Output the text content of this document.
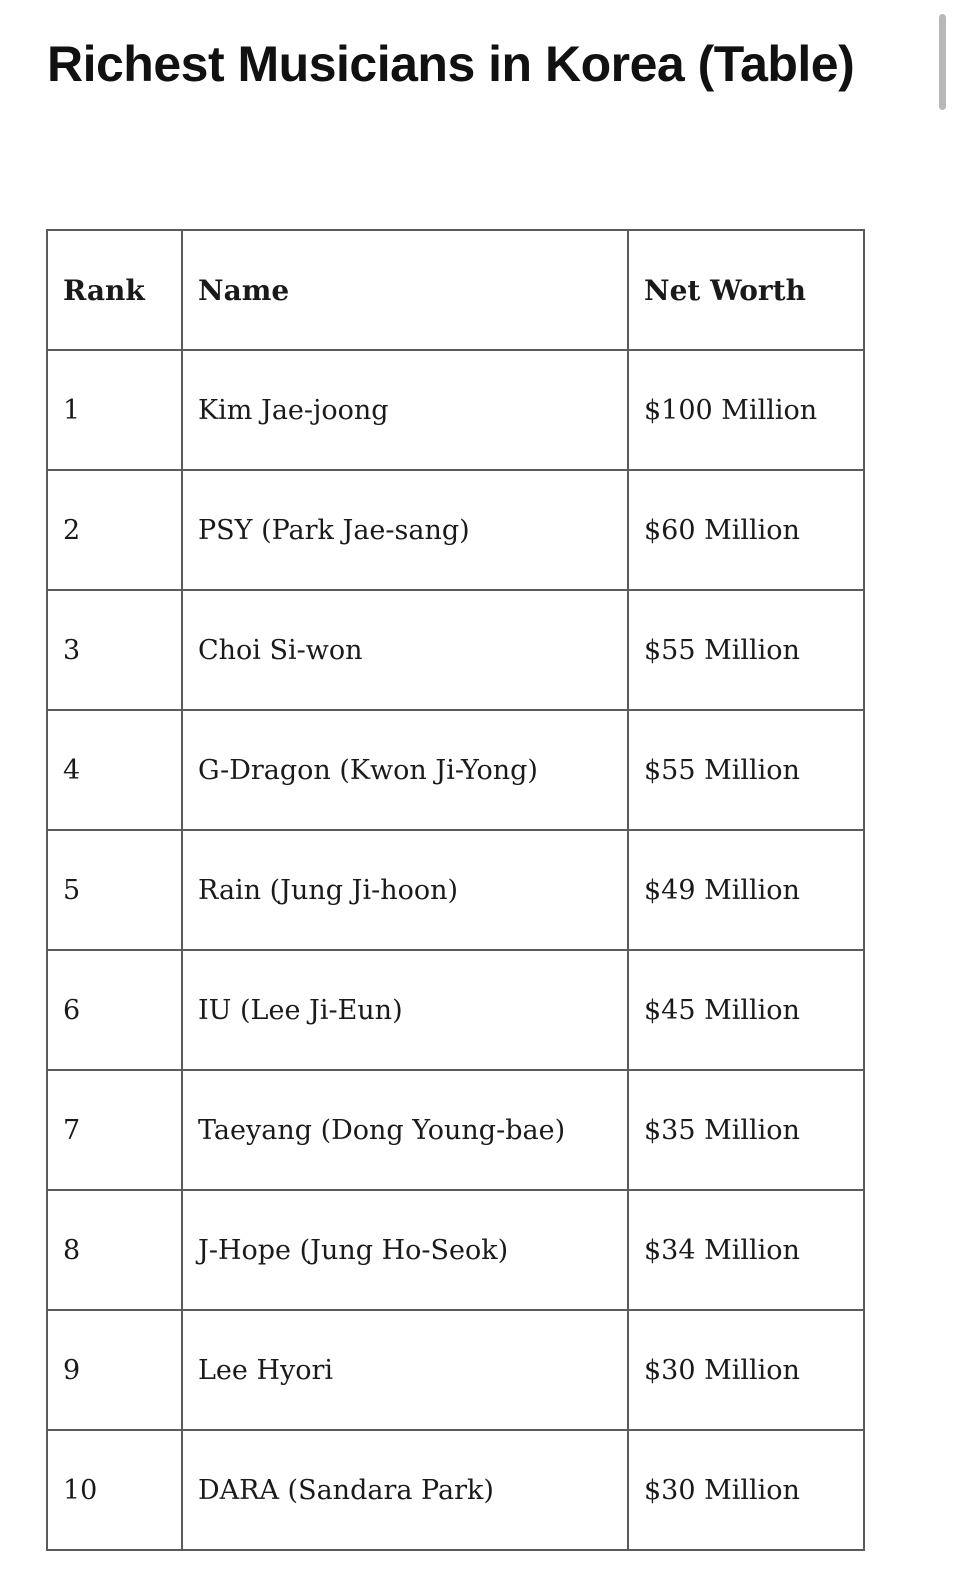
Richest Musicians in Korea (Table)
Rank	Name	Net Worth
1	Kim Jae-joong	$100 Million
2	PSY (Park Jae-sang)	$60 Million
3	Choi Si-won	$55 Million
4	G-Dragon (Kwon Ji-Yong)	$55 Million
5	Rain (Jung Ji-hoon)	$49 Million
6	IU (Lee Ji-Eun)	$45 Million
7	Taeyang (Dong Young-bae)	$35 Million
8	J-Hope (Jung Ho-Seok)	$34 Million
9	Lee Hyori	$30 Million
10	DARA (Sandara Park)	$30 Million
